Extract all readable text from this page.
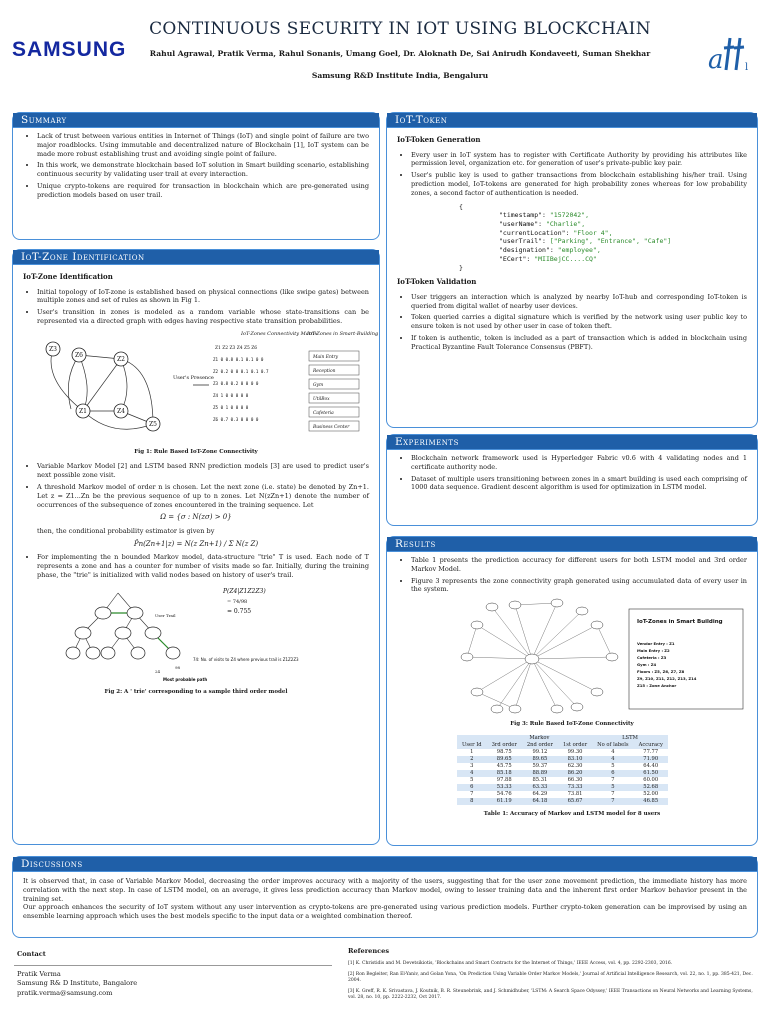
SAMSUNG
CONTINUOUS SECURITY IN IOT USING BLOCKCHAIN
Rahul Agrawal, Pratik Verma, Rahul Sonanis, Umang Goel, Dr. Aloknath De, Sai Anirudh Kondaveeti, Suman Shekhar
Samsung R&D Institute India, Bengaluru
a l
Summary
• Lack of trust between various entities in Internet of Things (IoT) and single point of failure are two major roadblocks. Using immutable and decentralized nature of Blockchain [1], IoT system can be made more robust establishing trust and avoiding single point of failure.
• In this work, we demonstrate blockchain based IoT solution in Smart building scenario, establishing continuous security by validating user trail at every interaction.
• Unique crypto-tokens are required for transaction in blockchain which are pre-generated using prediction models based on user trail.
IoT-Zone Identification
IoT-Zone Identification
• Initial topology of IoT-zone is established based on physical connections (like swipe gates) between multiple zones and set of rules as shown in Fig 1.
• User's transition in zones is modeled as a random variable whose state-transitions can be represented via a directed graph with edges having respective state transition probabilities.
Z6
Z2
Z1	Z4
Z5
Z3
User's Presence
IoT-Zones Connectivity Matrix
Z1 Z2 Z3 Z4 Z5 Z6
Z1 0 0.8 0.1 0.1 0 0
Z2 0.2 0 0 0.1 0.1 0.7
Z3 0.8 0.2 0 0 0 0
Z4 1 0 0 0 0 0
Z5 0 1 0 0 0 0
Z6 0.7 0.3 0 0 0 0
IoT-Zones in Smart-Building
Main Entry
Reception
Gym
UtilBox
Cafeteria
Business Center
Fig 1: Rule Based IoT-Zone Connectivity
• Variable Markov Model [2] and LSTM based RNN prediction models [3] are used to predict user's next possible zone visit.
• A threshold Markov model of order n is chosen. Let the next zone (i.e. state) be denoted by Zn+1. Let z = Z1...Zn be the previous sequence of up to n zones. Let N(zZn+1) denote the number of occurrences of the subsequence of zones encountered in the training sequence. Let
Ω = {σ : N(zσ) > 0}
then, the conditional probability estimator is given by
P̂n(Zn+1|z) = N(z Zn+1) / Σ N(z Z)
• For implementing the n bounded Markov model, data-structure "trie" T is used. Each node of T represents a zone and has a counter for number of visits made so far. Initially, during the training phase, the "trie" is initialized with valid nodes based on history of user's trail.
User Trail
98
24
P(Z4|Z1Z2Z3)
= 74/98
= 0.755
74: No. of visits to Z4 where previous trail is Z1Z2Z3
Most probable path
Fig 2: A ' trie' corresponding to a sample third order model
IoT-Token
IoT-Token Generation
• Every user in IoT system has to register with Certificate Authority by providing his attributes like permission level, organization etc. for generation of user's private-public key pair.
• User's public key is used to gather transactions from blockchain establishing his/her trail. Using prediction model, IoT-tokens are generated for high probability zones whereas for low probability zones, a second factor of authentication is needed.
{
"timestamp": "1572042",
"userName": "Charlie",
"currentLocation": "Floor 4",
"userTrail": ["Parking", "Entrance", "Cafe"]
"designation": "employee",
"ECert": "MIIBejCC....CQ"
}
IoT-Token Validation
• User triggers an interaction which is analyzed by nearby IoT-hub and corresponding IoT-token is queried from digital wallet of nearby user devices.
• Token queried carries a digital signature which is verified by the network using user public key to ensure token is not used by other user in case of token theft.
• If token is authentic, token is included as a part of transaction which is added in blockchain using Practical Byzantine Fault Tolerance Consensus (PBFT).
Experiments
• Blockchain network framework used is Hyperledger Fabric v0.6 with 4 validating nodes and 1 certificate authority node.
• Dataset of multiple users transitioning between zones in a smart building is used each comprising of 1000 data sequence. Gradient descent algorithm is used for optimization in LSTM model.
Results
• Table 1 presents the prediction accuracy for different users for both LSTM model and 3rd order Markov Model.
• Figure 3 represents the zone connectivity graph generated using accumulated data of every user in the system.
IoT-Zones in Smart Building
Vendor Entry : Z1
Main Entry : Z2
Cafeteria : Z3
Gym : Z4
Floors : Z5, Z6, Z7, Z8
Z9, Z10, Z11, Z12, Z13, Z14
Z15 : Zone Anchor
Fig 3: Rule Based IoT-Zone Connectivity
	Markov			LSTM	
User Id	3rd order	2nd order	1st order	No of labels	Accuracy
1	98.75	99.12	99.30	4	77.77
2	89.65	89.65	83.10	4	71.90
3	45.75	59.37	62.30	5	64.40
4	85.18	88.89	86.20	6	61.50
5	97.88	85.31	66.30	7	60.00
6	53.33	63.33	73.33	5	52.68
7	54.76	64.29	73.81	7	52.00
8	61.19	64.18	65.67	7	46.85
Table 1: Accuracy of Markov and LSTM model for 8 users
Discussions

It is observed that, in case of Variable Markov Model, decreasing the order improves accuracy with a majority of the users, suggesting that for the user zone movement prediction, the immediate history has more correlation with the next step. In case of LSTM model, on an average, it gives less prediction accuracy than Markov model, owing to lesser training data and the inherent first order Markov behavior present in the training set.

Our approach enhances the security of IoT system without any user intervention as crypto-tokens are pre-generated using various prediction models. Further crypto-token generation can be improvised by using an ensemble learning approach which uses the best models specific to the input data or a weighted combination thereof.

Contact
Pratik Verma
Samsung R& D Institute, Bangalore
pratik.verma@samsung.com
References
[1] K. Christidis and M. Devetsikiotis, 'Blockchains and Smart Contracts for the Internet of Things,' IEEE Access, vol. 4, pp. 2292-2303, 2016.
[2] Ron Begleiter, Ran El-Yaniv, and Golan Yona, 'On Prediction Using Variable Order Markov Models,' Journal of Artificial Intelligence Research, vol. 22, no. 1, pp. 385-421, Dec. 2004.
[3] K. Greff, R. K. Srivastava, J. Koutnik, B. R. Steunebrink, and J. Schmidhuber, 'LSTM: A Search Space Odyssey,' IEEE Transactions on Neural Networks and Learning Systems, vol. 28, no. 10, pp. 2222-2232, Oct 2017.
